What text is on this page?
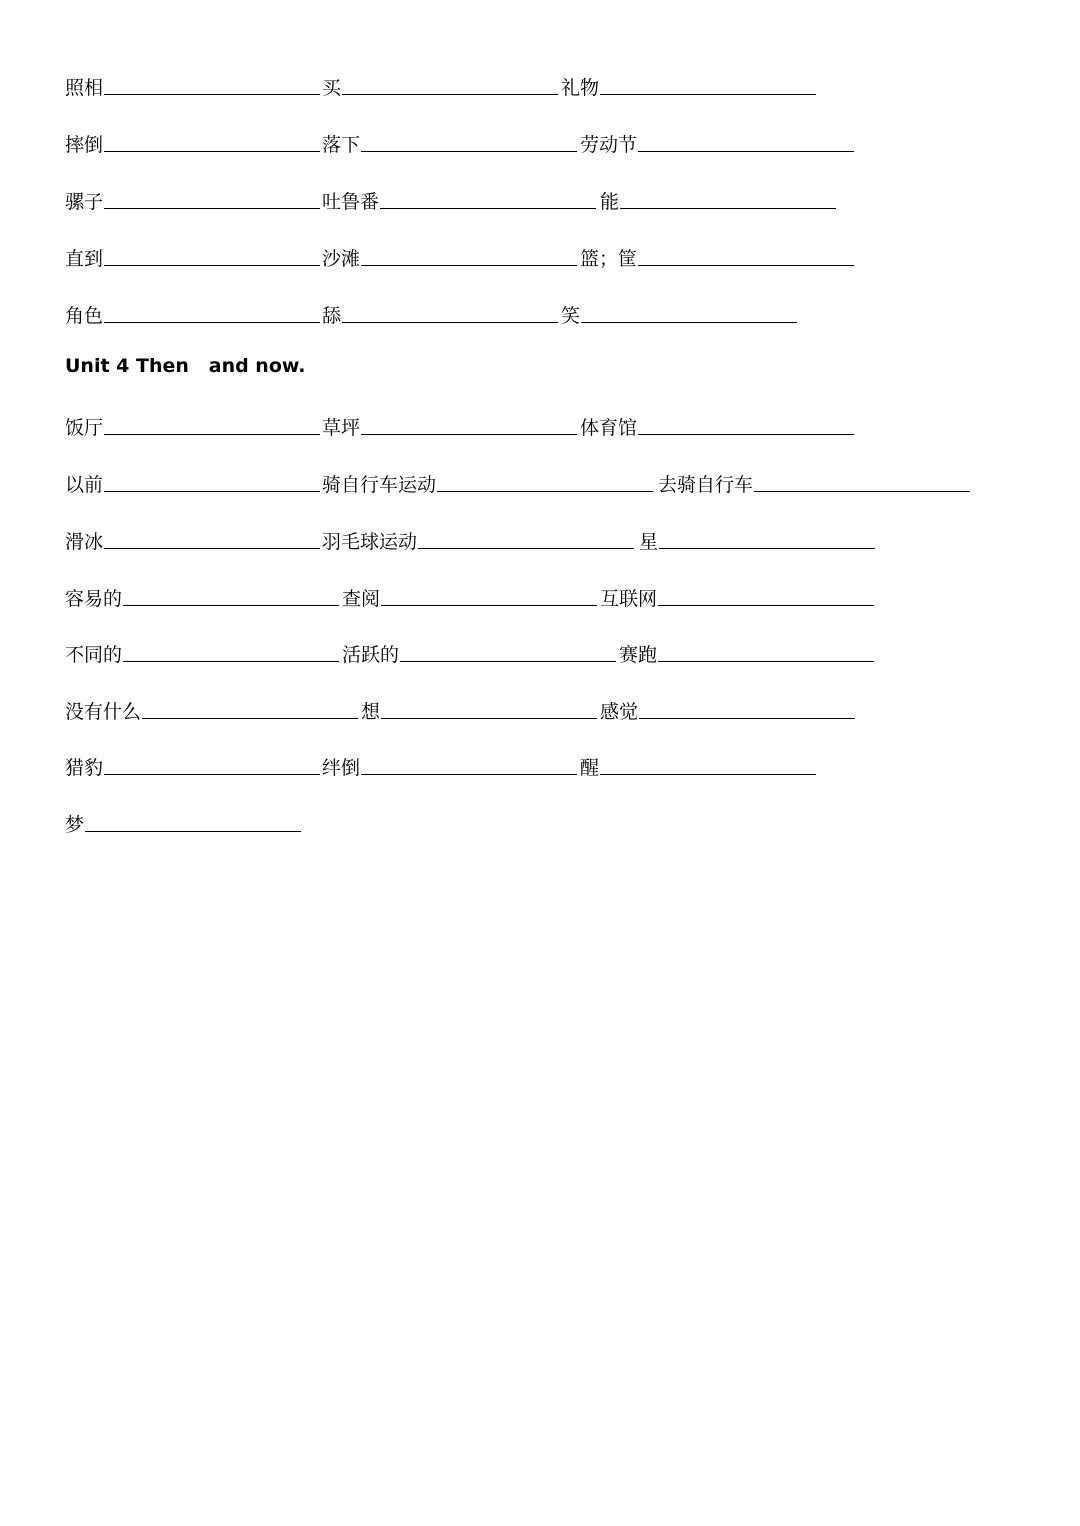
照相	买	礼物
摔倒	落下	劳动节
骡子	吐鲁番	能
直到	沙滩	篮；筐
角色	舔	笑
Unit 4 Then   and now.
饭厅	草坪	体育馆
以前	骑自行车运动	去骑自行车
滑冰	羽毛球运动	星
容易的	查阅	互联网
不同的	活跃的	赛跑
没有什么	想	感觉
猎豹	绊倒	醒
梦
